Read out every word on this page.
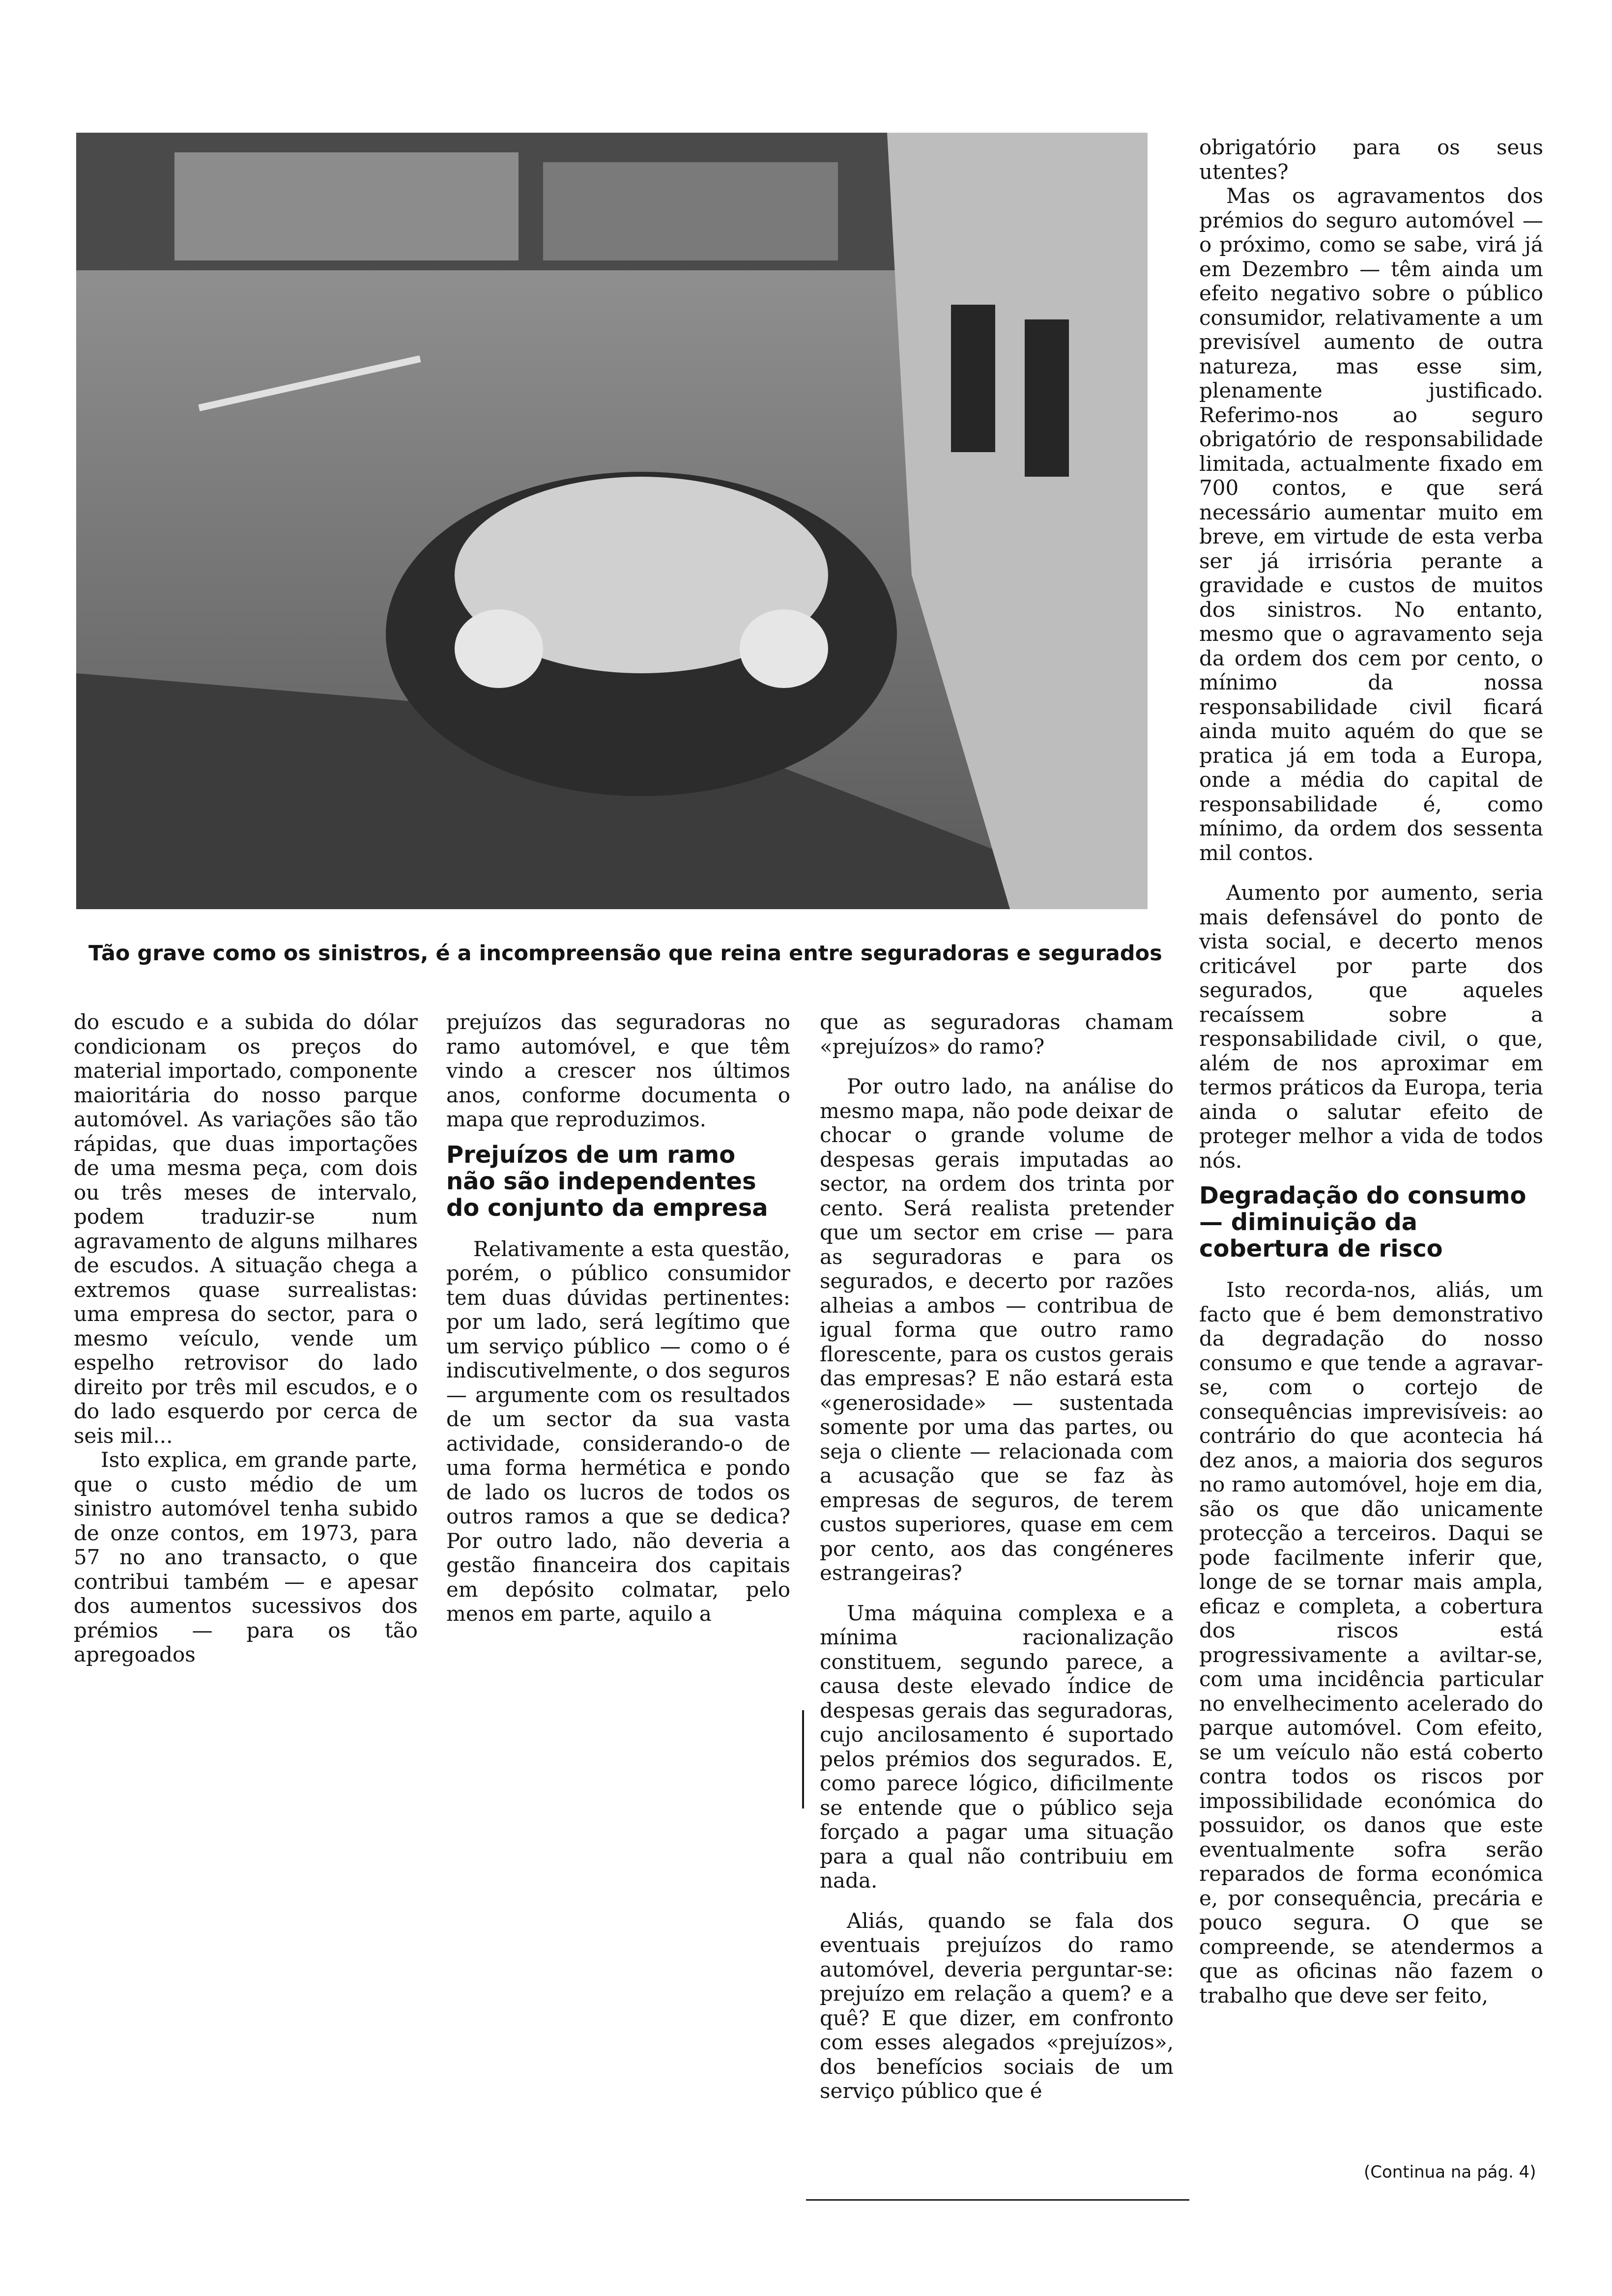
Tão grave como os sinistros, é a incompreensão que reina entre seguradoras e segurados

do escudo e a subida do dólar condicionam os preços do material importado, componente maioritária do nosso parque automóvel. As variações são tão rápidas, que duas importações de uma mesma peça, com dois ou três meses de intervalo, podem traduzir-se num agravamento de alguns milhares de escudos. A situação chega a extremos quase surrealistas: uma empresa do sector, para o mesmo veículo, vende um espelho retrovisor do lado direito por três mil escudos, e o do lado esquerdo por cerca de seis mil...

Isto explica, em grande parte, que o custo médio de um sinistro automóvel tenha subido de onze contos, em 1973, para 57 no ano transacto, o que contribui também — e apesar dos aumentos sucessivos dos prémios — para os tão apregoados

prejuízos das seguradoras no ramo automóvel, e que têm vindo a crescer nos últimos anos, conforme documenta o mapa que reproduzimos.

Prejuízos de um ramo não são independentes do conjunto da empresa

Relativamente a esta questão, porém, o público consumidor tem duas dúvidas pertinentes: por um lado, será legítimo que um serviço público — como o é indiscutivelmente, o dos seguros — argumente com os resultados de um sector da sua vasta actividade, considerando-o de uma forma hermética e pondo de lado os lucros de todos os outros ramos a que se dedica? Por outro lado, não deveria a gestão financeira dos capitais em depósito colmatar, pelo menos em parte, aquilo a

que as seguradoras chamam «prejuízos» do ramo?

Por outro lado, na análise do mesmo mapa, não pode deixar de chocar o grande volume de despesas gerais imputadas ao sector, na ordem dos trinta por cento. Será realista pretender que um sector em crise — para as seguradoras e para os segurados, e decerto por razões alheias a ambos — contribua de igual forma que outro ramo florescente, para os custos gerais das empresas? E não estará esta «generosidade» — sustentada somente por uma das partes, ou seja o cliente — relacionada com a acusação que se faz às empresas de seguros, de terem custos superiores, quase em cem por cento, aos das congéneres estrangeiras?

Uma máquina complexa e a mínima racionalização constituem, segundo parece, a causa deste elevado índice de despesas gerais das seguradoras, cujo ancilosamento é suportado pelos prémios dos segurados. E, como parece lógico, dificilmente se entende que o público seja forçado a pagar uma situação para a qual não contribuiu em nada.

Aliás, quando se fala dos eventuais prejuízos do ramo automóvel, deveria perguntar-se: prejuízo em relação a quem? e a quê? E que dizer, em confronto com esses alegados «prejuízos», dos benefícios sociais de um serviço público que é

obrigatório para os seus utentes?

Mas os agravamentos dos prémios do seguro automóvel — o próximo, como se sabe, virá já em Dezembro — têm ainda um efeito negativo sobre o público consumidor, relativamente a um previsível aumento de outra natureza, mas esse sim, plenamente justificado. Referimo-nos ao seguro obrigatório de responsabilidade limitada, actualmente fixado em 700 contos, e que será necessário aumentar muito em breve, em virtude de esta verba ser já irrisória perante a gravidade e custos de muitos dos sinistros. No entanto, mesmo que o agravamento seja da ordem dos cem por cento, o mínimo da nossa responsabilidade civil ficará ainda muito aquém do que se pratica já em toda a Europa, onde a média do capital de responsabilidade é, como mínimo, da ordem dos sessenta mil contos.

Aumento por aumento, seria mais defensável do ponto de vista social, e decerto menos criticável por parte dos segurados, que aqueles recaíssem sobre a responsabilidade civil, o que, além de nos aproximar em termos práticos da Europa, teria ainda o salutar efeito de proteger melhor a vida de todos nós.

Degradação do consumo — diminuição da cobertura de risco

Isto recorda-nos, aliás, um facto que é bem demonstrativo da degradação do nosso consumo e que tende a agravar-se, com o cortejo de consequências imprevisíveis: ao contrário do que acontecia há dez anos, a maioria dos seguros no ramo automóvel, hoje em dia, são os que dão unicamente protecção a terceiros. Daqui se pode facilmente inferir que, longe de se tornar mais ampla, eficaz e completa, a cobertura dos riscos está progressivamente a aviltar-se, com uma incidência particular no envelhecimento acelerado do parque automóvel. Com efeito, se um veículo não está coberto contra todos os riscos por impossibilidade económica do possuidor, os danos que este eventualmente sofra serão reparados de forma económica e, por consequência, precária e pouco segura. O que se compreende, se atendermos a que as oficinas não fazem o trabalho que deve ser feito,

(Continua na pág. 4)
